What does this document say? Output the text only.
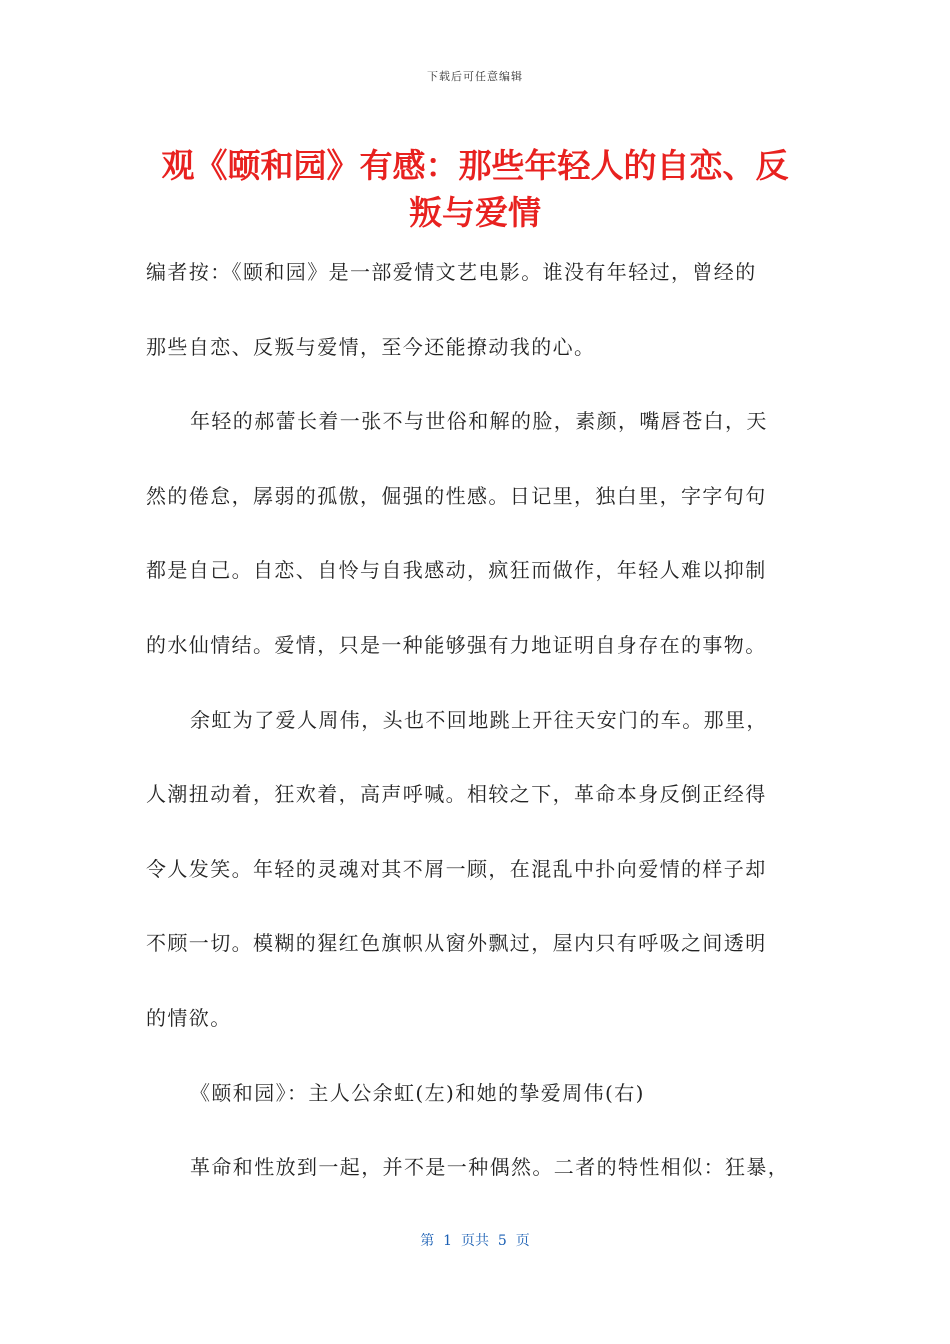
下载后可任意编辑
观《颐和园》有感：那些年轻人的自恋、反
叛与爱情
编者按：《颐和园》是一部爱情文艺电影。谁没有年轻过，曾经的
那些自恋、反叛与爱情，至今还能撩动我的心。
年轻的郝蕾长着一张不与世俗和解的脸，素颜，嘴唇苍白，天
然的倦怠，孱弱的孤傲，倔强的性感。日记里，独白里，字字句句
都是自己。自恋、自怜与自我感动，疯狂而做作，年轻人难以抑制
的水仙情结。爱情，只是一种能够强有力地证明自身存在的事物。
余虹为了爱人周伟，头也不回地跳上开往天安门的车。那里，
人潮扭动着，狂欢着，高声呼喊。相较之下，革命本身反倒正经得
令人发笑。年轻的灵魂对其不屑一顾，在混乱中扑向爱情的样子却
不顾一切。模糊的猩红色旗帜从窗外飘过，屋内只有呼吸之间透明
的情欲。
《颐和园》：主人公余虹(左)和她的挚爱周伟(右)
革命和性放到一起，并不是一种偶然。二者的特性相似：狂暴，
第  1  页共  5  页
